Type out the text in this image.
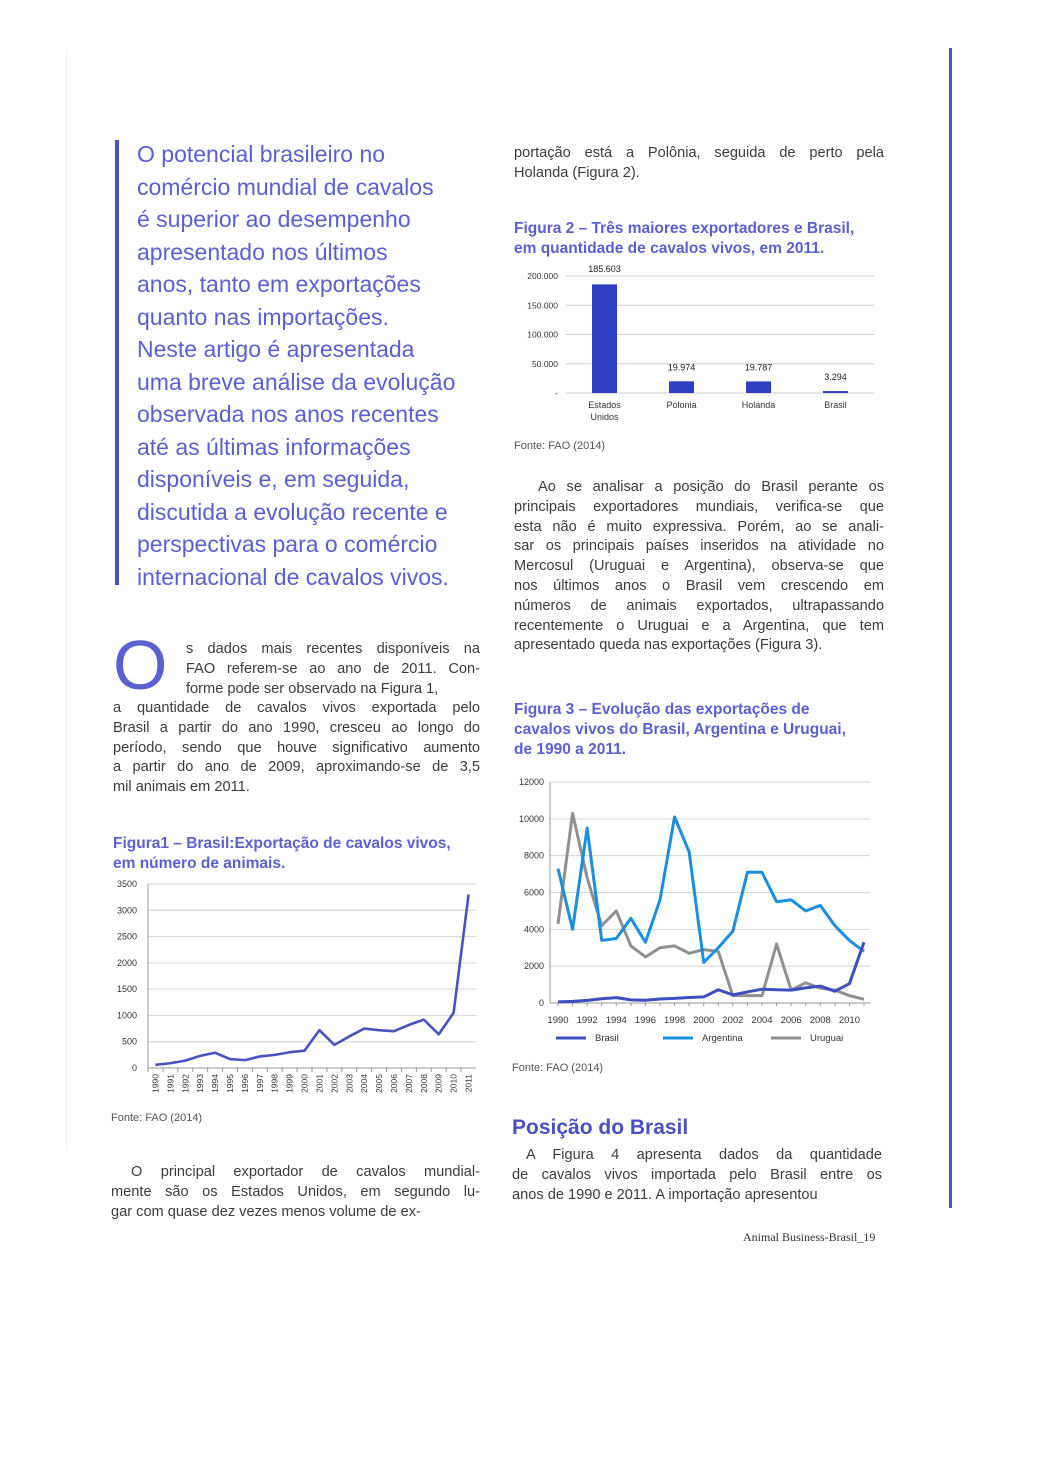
O potencial brasileiro no
comércio mundial de cavalos
é superior ao desempenho
apresentado nos últimos
anos, tanto em exportações
quanto nas importações.
Neste artigo é apresentada
uma breve análise da evolução
observada nos anos recentes
até as últimas informações
disponíveis e, em seguida,
discutida a evolução recente e
perspectivas para o comércio
internacional de cavalos vivos.
O s dados mais recentes disponíveis na
FAO referem-se ao ano de 2011. Con-
forme pode ser observado na Figura 1,
a quantidade de cavalos vivos exportada pelo
Brasil a partir do ano 1990, cresceu ao longo do
período, sendo que houve significativo aumento
a partir do ano de 2009, aproximando-se de 3,5
mil animais em 2011.
Figura1 – Brasil:Exportação de cavalos vivos,
em número de animais.
0
500
1000
1500
2000
2500
3000
3500
1990 1991 1992 1993 1994 1995 1996 1997 1998 1999 2000 2001 2002 2003 2004 2005 2006 2007 2008 2009 2010 2011
Fonte: FAO (2014)
O principal exportador de cavalos mundial-
mente são os Estados Unidos, em segundo lu-
gar com quase dez vezes menos volume de ex-
portação está a Polônia, seguida de perto pela
Holanda (Figura 2).
Figura 2 – Três maiores exportadores e Brasil,
em quantidade de cavalos vivos, em 2011.
-
50.000
100.000
150.000
200.000
185.603
Estados
Unidos
19.974
Polonia
19.787
Holanda
3.294
Brasil
Fonte: FAO (2014)
Ao se analisar a posição do Brasil perante os
principais exportadores mundiais, verifica-se que
esta não é muito expressiva. Porém, ao se anali-
sar os principais países inseridos na atividade no
Mercosul (Uruguai e Argentina), observa-se que
nos últimos anos o Brasil vem crescendo em
números de animais exportados, ultrapassando
recentemente o Uruguai e a Argentina, que tem
apresentado queda nas exportações (Figura 3).
Figura 3 – Evolução das exportações de
cavalos vivos do Brasil, Argentina e Uruguai,
de 1990 a 2011.
0
2000
4000
6000
8000
10000
12000
1990 1992 1994 1996 1998 2000 2002 2004 2006 2008 2010
Brasil	Argentina	Uruguai
Fonte: FAO (2014)
Posição do Brasil
A Figura 4 apresenta dados da quantidade
de cavalos vivos importada pelo Brasil entre os
anos de 1990 e 2011. A importação apresentou
Animal Business-Brasil_19
